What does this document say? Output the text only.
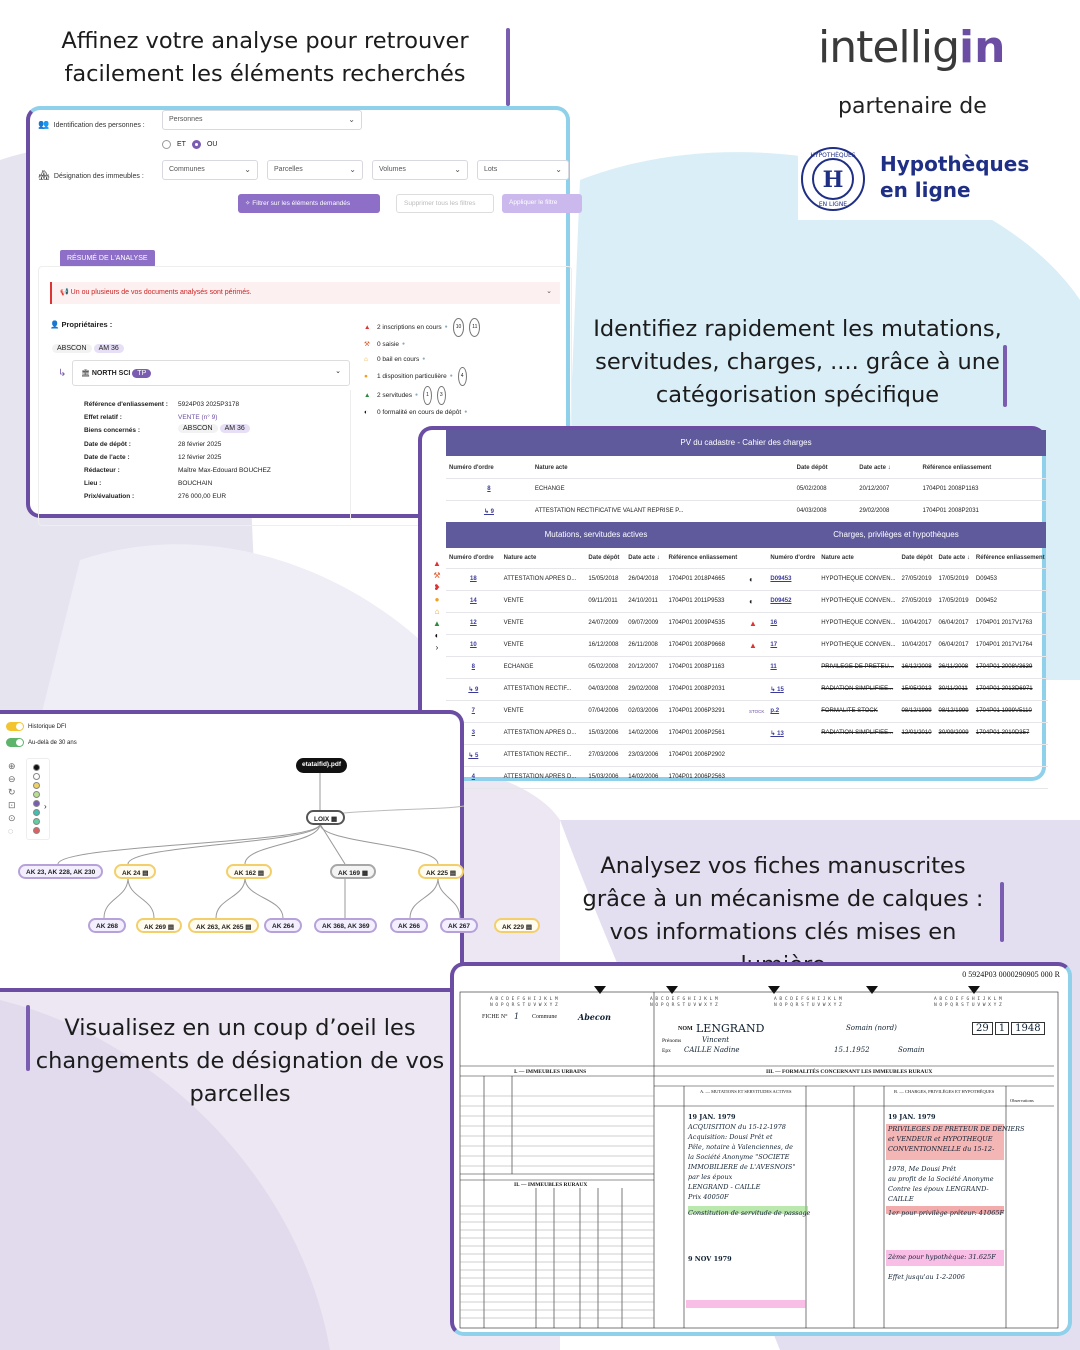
Affinez votre analyse pour retrouver facilement les éléments recherchés
Identifiez rapidement les mutations, servitudes, charges, .... grâce à une catégorisation spécifique
Analysez vos fiches manuscrites grâce à un mécanisme de calques : vos informations clés mises en
Visualisez en un coup d’oeil les changements de désignation de vos parcelles
intelligin
partenaire de
H
HYPOTHÈQUES
EN LIGNE
Hypothèques
en ligne
👥 Identification des personnes :
Personnes	⌄
ET	OU
🏘 Désignation des immeubles :
Communes	⌄	Parcelles	⌄	Volumes	⌄	Lots	⌄
✧ Filtrer sur les éléments demandés	Supprimer tous les filtres	Appliquer le filtre
RÉSUMÉ DE L'ANALYSE
📢 Un ou plusieurs de vos documents analysés sont périmés.	⌄
👤 Propriétaires :
ABSCON	AM 36
↳	🏛 NORTH SCI TP	⌄
Référence d'enliassement :	5924P03 2025P3178
Effet relatif :	VENTE (n° 9)
Biens concernés :
Date de dépôt :	28 février 2025
Date de l'acte :	12 février 2025
Rédacteur :	Maître Max-Edouard BOUCHEZ
Lieu :	BOUCHAIN
Prix/évaluation :	276 000,00 EUR
ABSCON	AM 36
▲	2 inscriptions en cours ●	10	11
⚒	0 saisie ●
⌂	0 bail en cours ●
●	1 disposition particulière ●	4
▲	2 servitudes ●	1	3
◐	0 formalité en cours de dépôt ●
PV du cadastre - Cahier des charges
Numéro d'ordre	Nature acte	Date dépôt	Date acte ↓	Référence enliassement
8	ECHANGE	05/02/2008	20/12/2007	1704P01 2008P1163
↳ 9	ATTESTATION RECTIFICATIVE VALANT REPRISE P...	04/03/2008	29/02/2008	1704P01 2008P2031
Mutations, servitudes actives	Charges, privilèges et hypothèques
▲
⚒
❥
●
⌂
▲
◐
›
Numéro d'ordre	Nature acte	Date dépôt	Date acte ↓	Référence enliassement
18	ATTESTATION APRES D...	15/05/2018	26/04/2018	1704P01 2018P4665
14	VENTE	09/11/2011	24/10/2011	1704P01 2011P9533
12	VENTE	24/07/2009	09/07/2009	1704P01 2009P4535
10	VENTE	16/12/2008	26/11/2008	1704P01 2008P9668
8	ECHANGE	05/02/2008	20/12/2007	1704P01 2008P1163
↳ 9	ATTESTATION RECTIF...	04/03/2008	29/02/2008	1704P01 2008P2031
7	VENTE	07/04/2006	02/03/2006	1704P01 2006P3291
3	ATTESTATION APRES D...	15/03/2006	14/02/2006	1704P01 2006P2561
↳ 5	ATTESTATION RECTIF...	27/03/2006	23/03/2006	1704P01 2006P2902
4	ATTESTATION APRES D...	15/03/2006	14/02/2006	1704P01 2006P2563
	Numéro d'ordre	Nature acte	Date dépôt	Date acte ↓	Référence enliassement
◐	D09453	HYPOTHEQUE CONVEN...	27/05/2019	17/05/2019	D09453
◐	D09452	HYPOTHEQUE CONVEN...	27/05/2019	17/05/2019	D09452
▲	16	HYPOTHEQUE CONVEN...	10/04/2017	06/04/2017	1704P01 2017V1763
▲	17	HYPOTHEQUE CONVEN...	10/04/2017	06/04/2017	1704P01 2017V1764
	11	PRIVILEGE DE PRETEU...	16/12/2008	26/11/2008	1704P01 2008V3639
	↳ 15	RADIATION SIMPLIFIEE...	15/05/2013	30/11/2011	1704P01 2013D6971
STOCK	p.2	FORMALITE STOCK	08/12/1999	08/12/1999	1704P01 1999V5110
	↳ 13	RADIATION SIMPLIFIEE...	12/01/2010	30/09/2009	1704P01 2010D357

Historique DFI
Au-delà de 30 ans
⊕
⊖
↻
⊡
⊙
◌
›
etatalfid).pdf
LOIX ▦
AK 23, AK 228, AK 230	AK 24 ▤	AK 162 ▤	AK 169 ▦	AK 225 ▤
AK 268	AK 269 ▤	AK 263, AK 265 ▤	AK 264	AK 368, AK 369	AK 266	AK 267	AK 229 ▤
0 5924P03 0000290905 000 R
A B C D E F G H I J K L M
N O P Q R S T U V W X Y Z
A B C D E F G H I J K L M
N O P Q R S T U V W X Y Z
A B C D E F G H I J K L M
N O P Q R S T U V W X Y Z
A B C D E F G H I J K L M
N O P Q R S T U V W X Y Z
FICHE N° 1 Commune	Abecon
NOM LENGRAND	Somain (nord)	29	1	1948
Prénoms	Vincent
Epx CAILLE Nadine	15.1.1952	Somain
I. — IMMEUBLES URBAINS
II. — IMMEUBLES RURAUX
III. — FORMALITÉS CONCERNANT LES IMMEUBLES RURAUX
A. — MUTATIONS ET SERVITUDES ACTIVES	B. — CHARGES, PRIVILÈGES ET HYPOTHÈQUES
Observations
19 JAN. 1979
ACQUISITION du 15-12-1978
Acquisition: Dousi Prêt et
Pêle, notaire à Valenciennes, de
la Société Anonyme "SOCIETE
IMMOBILIERE de L'AVESNOIS"
par les époux
LENGRAND - CAILLE
Prix 40050F
Constitution de servitude de passage
9 NOV 1979
19 JAN. 1979
PRIVILEGES DE PRETEUR DE DENIERS
et VENDEUR et HYPOTHEQUE
CONVENTIONNELLE du 15-12-
1978, Me Dousi Prêt
au profit de la Société Anonyme
Contre les époux LENGRAND-
CAILLE
1er pour privilège prêteur: 41065F
2ème pour hypothèque: 31.625F
Effet jusqu'au 1-2-2006
